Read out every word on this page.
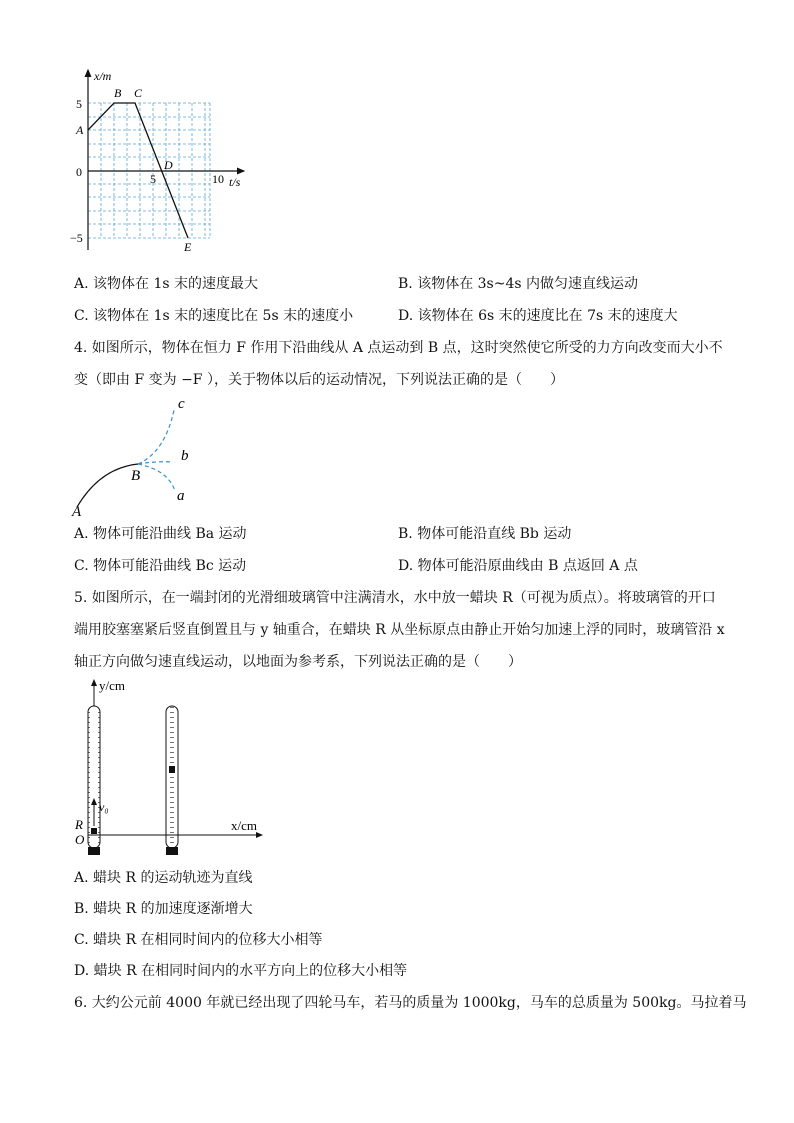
x/m
t/s
5
0
−5
5	10
A
B C
D
E
A. 该物体在 1s 末的速度最大	B. 该物体在 3s~4s 内做匀速直线运动
C. 该物体在 1s 末的速度比在 5s 末的速度小	D. 该物体在 6s 末的速度比在 7s 末的速度大
4. 如图所示，物体在恒力 F 作用下沿曲线从 A 点运动到 B 点，这时突然使它所受的力方向改变而大小不
变（即由 F 变为 −F ），关于物体以后的运动情况，下列说法正确的是（　　）
c
b
a
B
A
A. 物体可能沿曲线 Ba 运动	B. 物体可能沿直线 Bb 运动
C. 物体可能沿曲线 Bc 运动	D. 物体可能沿原曲线由 B 点返回 A 点
5. 如图所示，在一端封闭的光滑细玻璃管中注满清水，水中放一蜡块 R（可视为质点）。将玻璃管的开口
端用胶塞塞紧后竖直倒置且与 y 轴重合，在蜡块 R 从坐标原点由静止开始匀加速上浮的同时，玻璃管沿 x
轴正方向做匀速直线运动，以地面为参考系，下列说法正确的是（　　）
y/cm
x/cm
R
O
v₀
A. 蜡块 R 的运动轨迹为直线
B. 蜡块 R 的加速度逐渐增大
C. 蜡块 R 在相同时间内的位移大小相等
D. 蜡块 R 在相同时间内的水平方向上的位移大小相等
6. 大约公元前 4000 年就已经出现了四轮马车，若马的质量为 1000kg，马车的总质量为 500kg。马拉着马
